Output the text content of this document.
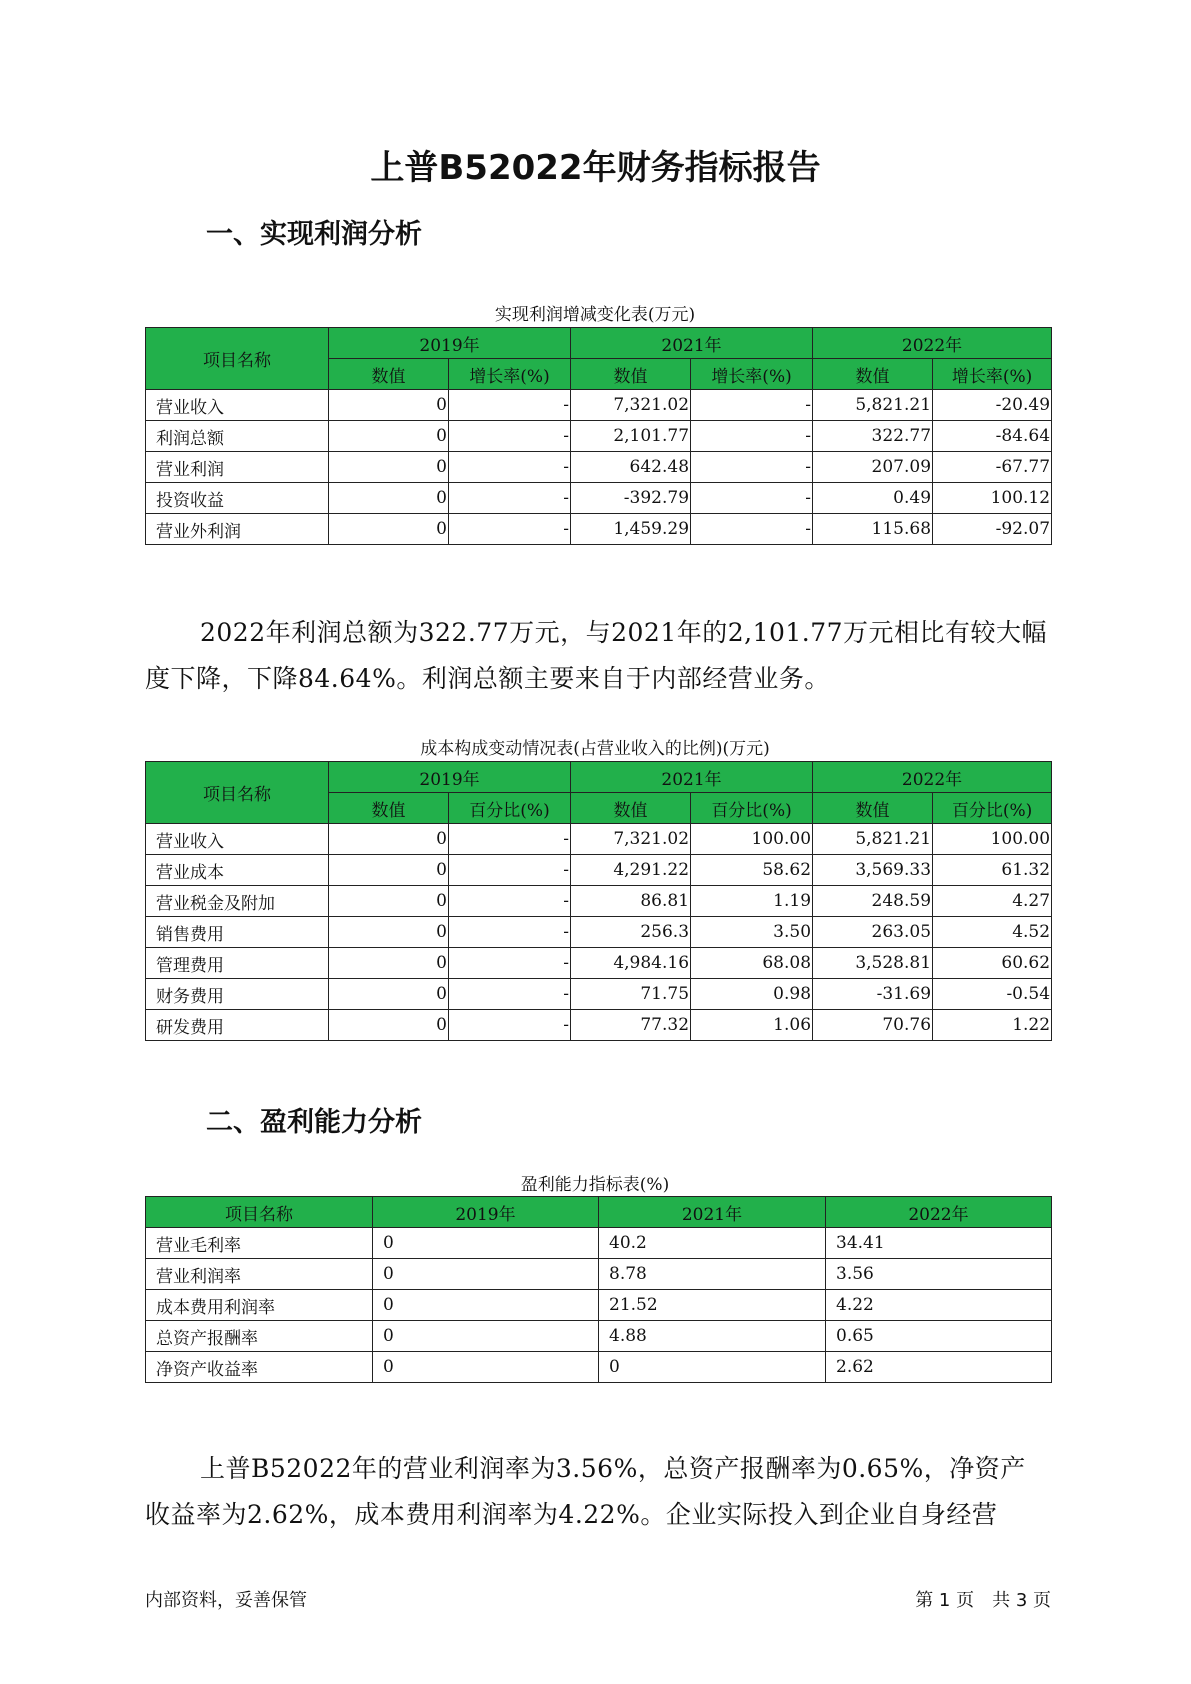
上普B52022年财务指标报告
一、实现利润分析
实现利润增减变化表(万元)
项目名称	2019年		2021年		2022年	
	数值	增长率(%)	数值	增长率(%)	数值	增长率(%)
营业收入	0	-	7,321.02	-	5,821.21	-20.49
利润总额	0	-	2,101.77	-	322.77	-84.64
营业利润	0	-	642.48	-	207.09	-67.77
投资收益	0	-	-392.79	-	0.49	100.12
营业外利润	0	-	1,459.29	-	115.68	-92.07

2022年利润总额为322.77万元，与2021年的2,101.77万元相比有较大幅度下降，下降84.64%。利润总额主要来自于内部经营业务。

成本构成变动情况表(占营业收入的比例)(万元)
项目名称	2019年		2021年		2022年	
	数值	百分比(%)	数值	百分比(%)	数值	百分比(%)
营业收入	0	-	7,321.02	100.00	5,821.21	100.00
营业成本	0	-	4,291.22	58.62	3,569.33	61.32
营业税金及附加	0	-	86.81	1.19	248.59	4.27
销售费用	0	-	256.3	3.50	263.05	4.52
管理费用	0	-	4,984.16	68.08	3,528.81	60.62
财务费用	0	-	71.75	0.98	-31.69	-0.54
研发费用	0	-	77.32	1.06	70.76	1.22
二、盈利能力分析
盈利能力指标表(%)
项目名称	2019年	2021年	2022年
营业毛利率	0	40.2	34.41
营业利润率	0	8.78	3.56
成本费用利润率	0	21.52	4.22
总资产报酬率	0	4.88	0.65
净资产收益率	0	0	2.62

上普B52022年的营业利润率为3.56%，总资产报酬率为0.65%，净资产收益率为2.62%，成本费用利润率为4.22%。企业实际投入到企业自身经营

内部资料，妥善保管	第 1 页　共 3 页
